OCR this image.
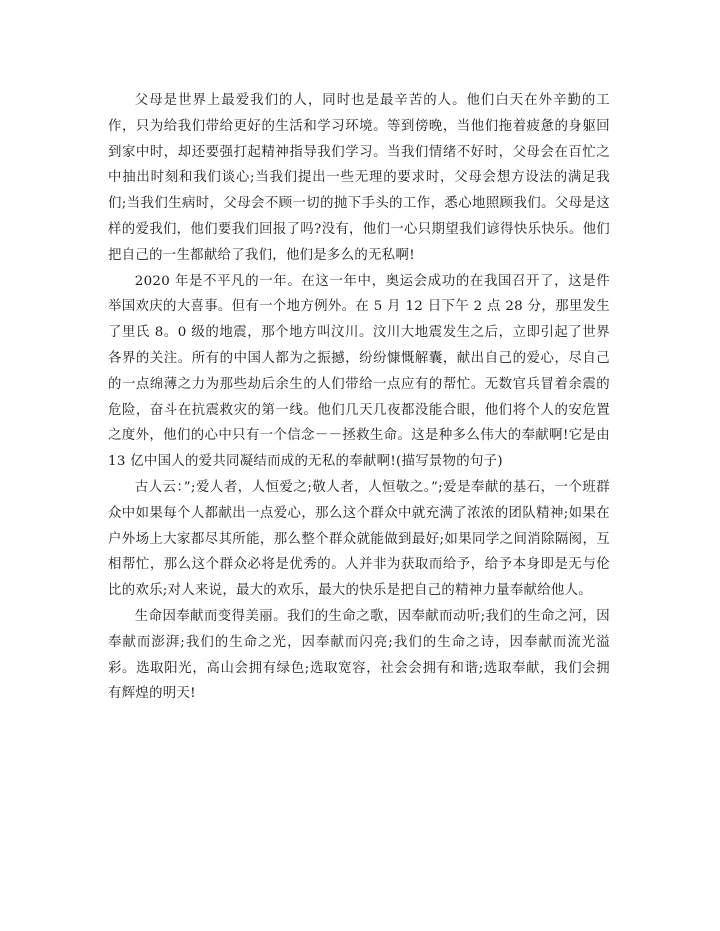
父母是世界上最爱我们的人，同时也是最辛苦的人。他们白天在外辛勤的工作，只为给我们带给更好的生活和学习环境。等到傍晚，当他们拖着疲惫的身躯回到家中时，却还要强打起精神指导我们学习。当我们情绪不好时，父母会在百忙之中抽出时刻和我们谈心;当我们提出一些无理的要求时，父母会想方设法的满足我们;当我们生病时，父母会不顾一切的抛下手头的工作，悉心地照顾我们。父母是这样的爱我们，他们要我们回报了吗?没有，他们一心只期望我们谚得快乐快乐。他们把自己的一生都献给了我们，他们是多么的无私啊!

2020 年是不平凡的一年。在这一年中，奥运会成功的在我国召开了，这是件举国欢庆的大喜事。但有一个地方例外。在 5 月 12 日下午 2 点 28 分，那里发生了里氏 8。0 级的地震，那个地方叫汶川。汶川大地震发生之后，立即引起了世界各界的关注。所有的中国人都为之振撼，纷纷慷慨解囊，献出自己的爱心，尽自己的一点绵薄之力为那些劫后余生的人们带给一点应有的帮忙。无数官兵冒着余震的危险，奋斗在抗震救灾的第一线。他们几天几夜都没能合眼，他们将个人的安危置之度外，他们的心中只有一个信念－－拯救生命。这是种多么伟大的奉献啊!它是由 13 亿中国人的爱共同凝结而成的无私的奉献啊!(描写景物的句子)

古人云：”;爱人者，人恒爱之;敬人者，人恒敬之。”;爱是奉献的基石，一个班群众中如果每个人都献出一点爱心，那么这个群众中就充满了浓浓的团队精神;如果在户外场上大家都尽其所能，那么整个群众就能做到最好;如果同学之间消除隔阂，互相帮忙，那么这个群众必将是优秀的。人并非为获取而给予，给予本身即是无与伦比的欢乐;对人来说，最大的欢乐，最大的快乐是把自己的精神力量奉献给他人。

生命因奉献而变得美丽。我们的生命之歌，因奉献而动听;我们的生命之河，因奉献而澎湃;我们的生命之光，因奉献而闪亮;我们的生命之诗，因奉献而流光溢彩。选取阳光，高山会拥有绿色;选取宽容，社会会拥有和谐;选取奉献，我们会拥有辉煌的明天!
